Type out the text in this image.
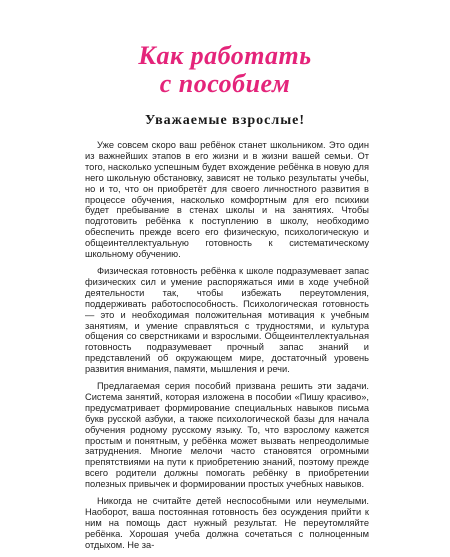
Как работать
с пособием
Уважаемые взрослые!

Уже совсем скоро ваш ребёнок станет школьником. Это один из важнейших этапов в его жизни и в жизни вашей семьи. От того, насколько успешным будет вхождение ребёнка в новую для него школьную обстановку, зависят не только результаты учебы, но и то, что он приобретёт для своего личностного развития в процессе обучения, насколько комфортным для его психики будет пребывание в стенах школы и на занятиях. Чтобы подготовить ребёнка к поступлению в школу, необходимо обеспечить прежде всего его физическую, психологическую и общеинтеллектуальную готовность к систематическому школьному обучению.

Физическая готовность ребёнка к школе подразумевает запас физических сил и умение распоряжаться ими в ходе учебной деятельности так, чтобы избежать переутомления, поддерживать работоспособность. Психологическая готовность — это и необходимая положительная мотивация к учебным занятиям, и умение справляться с трудностями, и культура общения со сверстниками и взрослыми. Общеинтеллектуальная готовность подразумевает прочный запас знаний и представлений об окружающем мире, достаточный уровень развития внимания, памяти, мышления и речи.

Предлагаемая серия пособий призвана решить эти задачи. Система занятий, которая изложена в пособии «Пишу красиво», предусматривает формирование специальных навыков письма букв русской азбуки, а также психологической базы для начала обучения родному русскому языку. То, что взрослому кажется простым и понятным, у ребёнка может вызвать непреодолимые затруднения. Многие мелочи часто становятся огромными препятствиями на пути к приобретению знаний, поэтому прежде всего родители должны помогать ребёнку в приобретении полезных привычек и формировании простых учебных навыков.

Никогда не считайте детей неспособными или неумелыми. Наоборот, ваша постоянная готовность без осуждения прийти к ним на помощь даст нужный результат. Не переутомляйте ребёнка. Хорошая учеба должна сочетаться с полноценным отдыхом. Не за-
